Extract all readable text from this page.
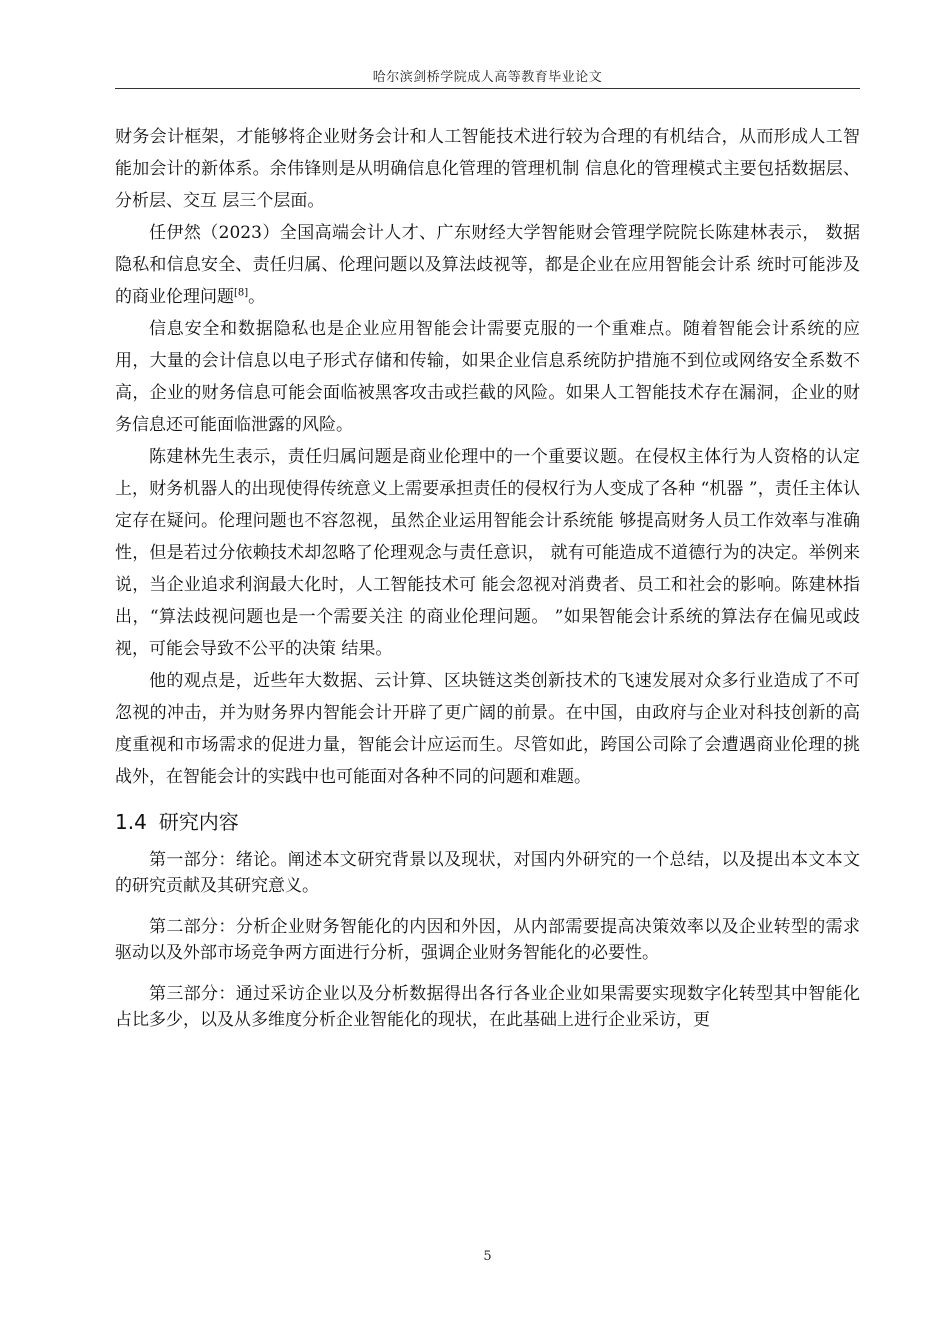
哈尔滨剑桥学院成人高等教育毕业论文

财务会计框架，才能够将企业财务会计和人工智能技术进行较为合理的有机结合，从而形成人工智能加会计的新体系。余伟锋则是从明确信息化管理的管理机制 信息化的管理模式主要包括数据层、分析层、交互 层三个层面。

任伊然（2023）全国高端会计人才、广东财经大学智能财会管理学院院长陈建林表示， 数据隐私和信息安全、责任归属、伦理问题以及算法歧视等，都是企业在应用智能会计系 统时可能涉及的商业伦理问题[8]。

信息安全和数据隐私也是企业应用智能会计需要克服的一个重难点。随着智能会计系统的应用，大量的会计信息以电子形式存储和传输，如果企业信息系统防护措施不到位或网络安全系数不高，企业的财务信息可能会面临被黑客攻击或拦截的风险。如果人工智能技术存在漏洞，企业的财务信息还可能面临泄露的风险。

陈建林先生表示，责任归属问题是商业伦理中的一个重要议题。在侵权主体行为人资格的认定上，财务机器人的出现使得传统意义上需要承担责任的侵权行为人变成了各种 “机器 ”，责任主体认定存在疑问。伦理问题也不容忽视，虽然企业运用智能会计系统能 够提高财务人员工作效率与准确性，但是若过分依赖技术却忽略了伦理观念与责任意识， 就有可能造成不道德行为的决定。举例来说，当企业追求利润最大化时，人工智能技术可 能会忽视对消费者、员工和社会的影响。陈建林指出，“算法歧视问题也是一个需要关注 的商业伦理问题。 ”如果智能会计系统的算法存在偏见或歧视，可能会导致不公平的决策 结果。

他的观点是，近些年大数据、云计算、区块链这类创新技术的飞速发展对众多行业造成了不可忽视的冲击，并为财务界内智能会计开辟了更广阔的前景。在中国，由政府与企业对科技创新的高度重视和市场需求的促进力量，智能会计应运而生。尽管如此，跨国公司除了会遭遇商业伦理的挑战外，在智能会计的实践中也可能面对各种不同的问题和难题。

1.4 研究内容

第一部分：绪论。阐述本文研究背景以及现状，对国内外研究的一个总结，以及提出本文本文的研究贡献及其研究意义。

第二部分：分析企业财务智能化的内因和外因，从内部需要提高决策效率以及企业转型的需求驱动以及外部市场竞争两方面进行分析，强调企业财务智能化的必要性。

第三部分：通过采访企业以及分析数据得出各行各业企业如果需要实现数字化转型其中智能化占比多少，以及从多维度分析企业智能化的现状，在此基础上进行企业采访，更

5
